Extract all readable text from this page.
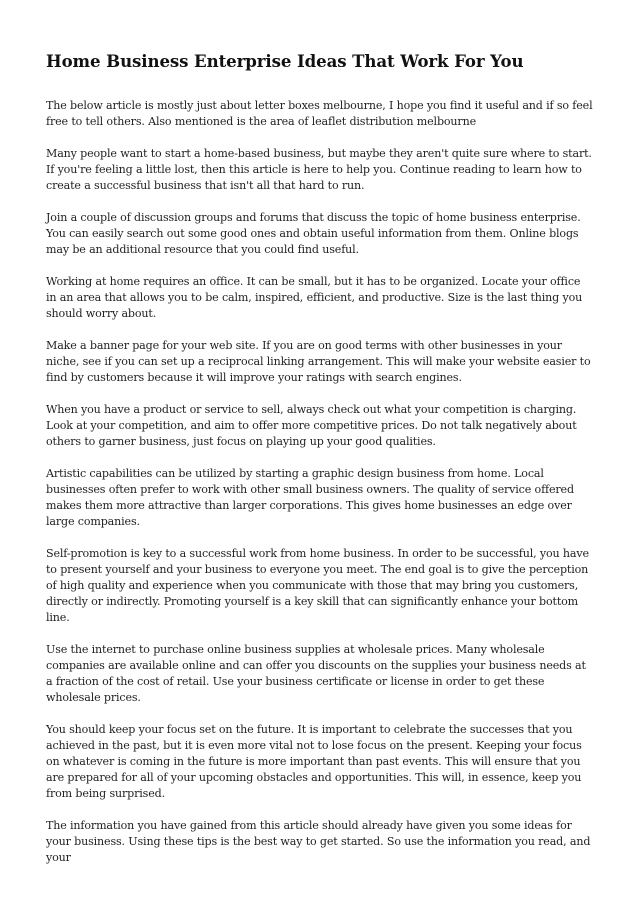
Home Business Enterprise Ideas That Work For You

The below article is mostly just about letter boxes melbourne, I hope you find it useful and if so feel free to tell others. Also mentioned is the area of leaflet distribution melbourne

Many people want to start a home-based business, but maybe they aren't quite sure where to start. If you're feeling a little lost, then this article is here to help you. Continue reading to learn how to create a successful business that isn't all that hard to run.

Join a couple of discussion groups and forums that discuss the topic of home business enterprise. You can easily search out some good ones and obtain useful information from them. Online blogs may be an additional resource that you could find useful.

Working at home requires an office. It can be small, but it has to be organized. Locate your office in an area that allows you to be calm, inspired, efficient, and productive. Size is the last thing you should worry about.

Make a banner page for your web site. If you are on good terms with other businesses in your niche, see if you can set up a reciprocal linking arrangement. This will make your website easier to find by customers because it will improve your ratings with search engines.

When you have a product or service to sell, always check out what your competition is charging. Look at your competition, and aim to offer more competitive prices. Do not talk negatively about others to garner business, just focus on playing up your good qualities.

Artistic capabilities can be utilized by starting a graphic design business from home. Local businesses often prefer to work with other small business owners. The quality of service offered makes them more attractive than larger corporations. This gives home businesses an edge over large companies.

Self-promotion is key to a successful work from home business. In order to be successful, you have to present yourself and your business to everyone you meet. The end goal is to give the perception of high quality and experience when you communicate with those that may bring you customers, directly or indirectly. Promoting yourself is a key skill that can significantly enhance your bottom line.

Use the internet to purchase online business supplies at wholesale prices. Many wholesale companies are available online and can offer you discounts on the supplies your business needs at a fraction of the cost of retail. Use your business certificate or license in order to get these wholesale prices.

You should keep your focus set on the future. It is important to celebrate the successes that you achieved in the past, but it is even more vital not to lose focus on the present. Keeping your focus on whatever is coming in the future is more important than past events. This will ensure that you are prepared for all of your upcoming obstacles and opportunities. This will, in essence, keep you from being surprised.

The information you have gained from this article should already have given you some ideas for your business. Using these tips is the best way to get started. So use the information you read, and your
